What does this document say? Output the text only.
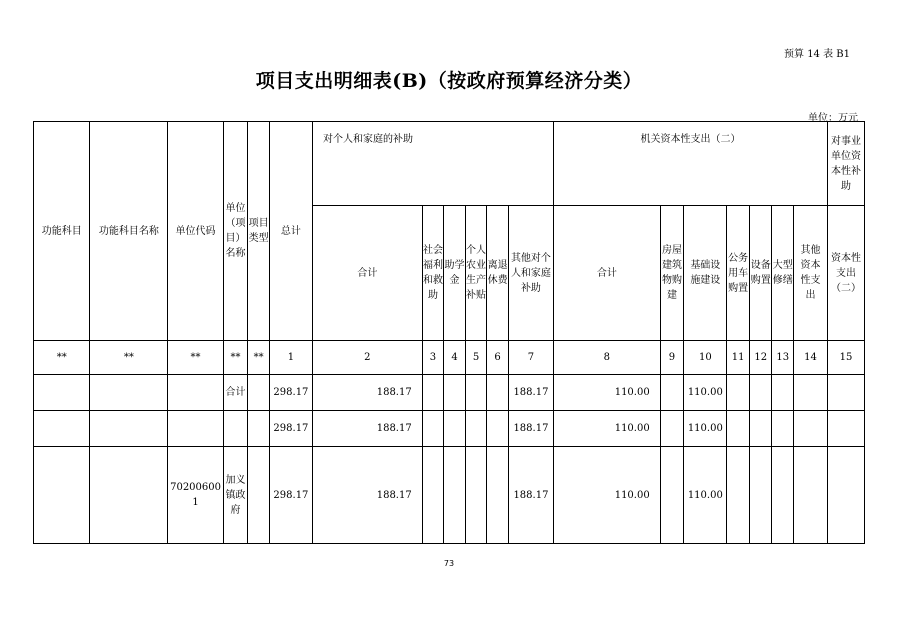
预算 14 表 B1
项目支出明细表(B)（按政府预算经济分类）
单位：万元
功能科目	功能科目名称	单位代码	单位（项目）名称	项目类型	总计	对个人和家庭的补助						机关资本性支出（二）							对事业单位资本性补助
						合计	社会福利和救助	助学金	个人农业生产补贴	离退休费	其他对个人和家庭补助	合计	房屋建筑物购建	基础设施建设	公务用车购置	设备购置	大型修缮	其他资本性支出	资本性支出（二）
**	**	**	**	**	1	2	3	4	5	6	7	8	9	10	11	12	13	14	15
			合计		298.17	188.17					188.17	110.00		110.00					
					298.17	188.17					188.17	110.00		110.00					
		702006001	加义镇政府		298.17	188.17					188.17	110.00		110.00					
73
